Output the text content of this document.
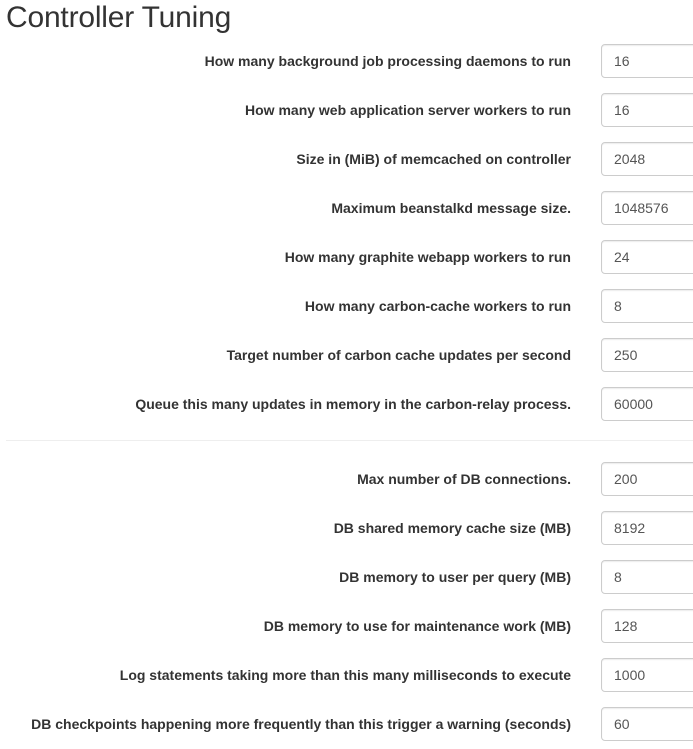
Controller Tuning
How many background job processing daemons to run
16
How many web application server workers to run
16
Size in (MiB) of memcached on controller
2048
Maximum beanstalkd message size.
1048576
How many graphite webapp workers to run
24
How many carbon-cache workers to run
8
Target number of carbon cache updates per second
250
Queue this many updates in memory in the carbon-relay process.
60000
Max number of DB connections.
200
DB shared memory cache size (MB)
8192
DB memory to user per query (MB)
8
DB memory to use for maintenance work (MB)
128
Log statements taking more than this many milliseconds to execute
1000
DB checkpoints happening more frequently than this trigger a warning (seconds)
60
